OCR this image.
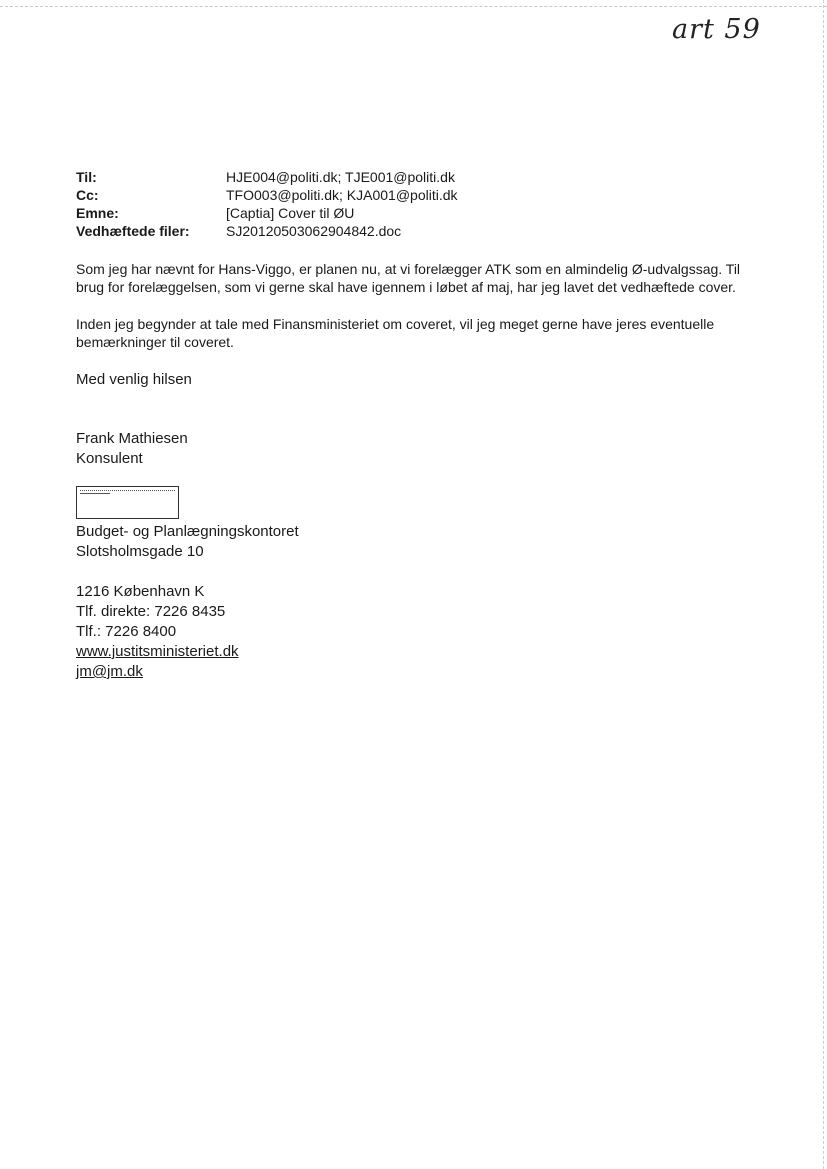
art 59
Til:	HJE004@politi.dk; TJE001@politi.dk
Cc:	TFO003@politi.dk; KJA001@politi.dk
Emne:	[Captia] Cover til ØU
Vedhæftede filer:	SJ20120503062904842.doc

Som jeg har nævnt for Hans-Viggo, er planen nu, at vi forelægger ATK som en almindelig Ø-udvalgssag. Til brug for forelæggelsen, som vi gerne skal have igennem i løbet af maj, har jeg lavet det vedhæftede cover.

Inden jeg begynder at tale med Finansministeriet om coveret, vil jeg meget gerne have jeres eventuelle bemærkninger til coveret.

Med venlig hilsen
Frank Mathiesen
Konsulent
Budget- og Planlægningskontoret
Slotsholmsgade 10
1216 København K
Tlf. direkte: 7226 8435
Tlf.: 7226 8400
www.justitsministeriet.dk
jm@jm.dk
